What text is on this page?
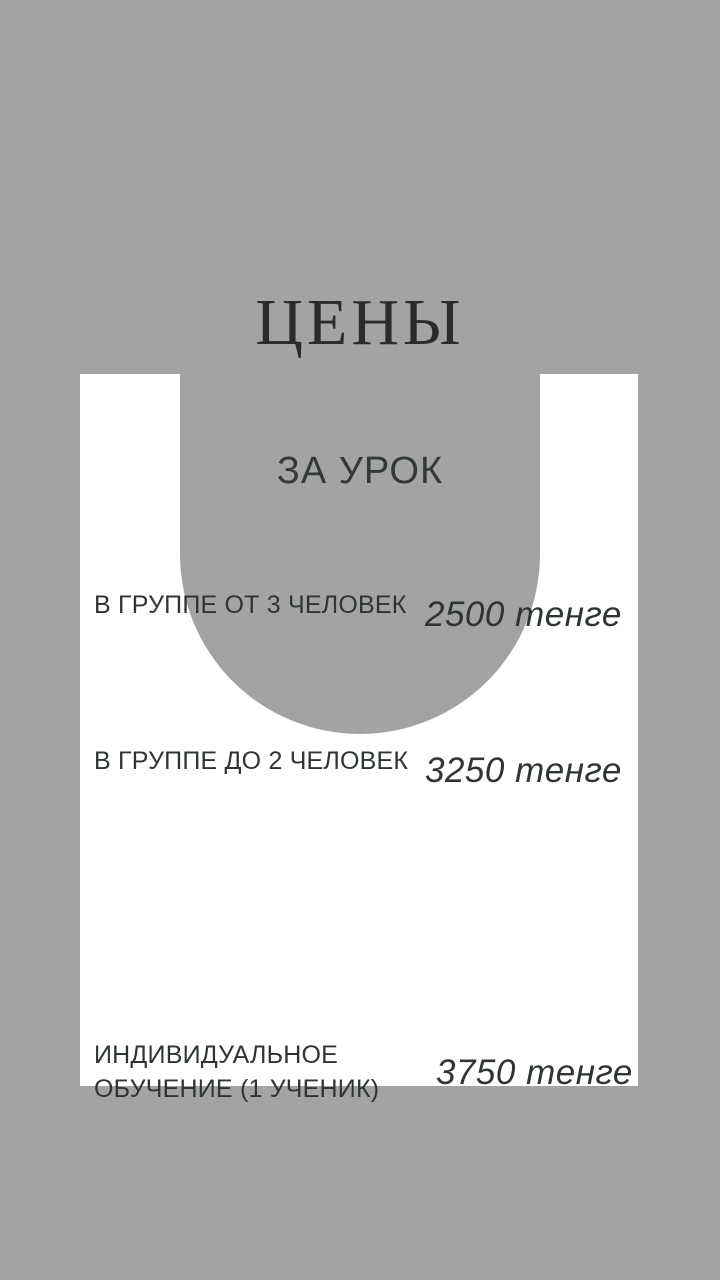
ЦЕНЫ
ЗА УРОК
В ГРУППЕ ОТ 3 ЧЕЛОВЕК 2500 тенге
В ГРУППЕ ДО 2 ЧЕЛОВЕК 3250 тенге
ИНДИВИДУАЛЬНОЕ ОБУЧЕНИЕ (1 УЧЕНИК)	3750 тенге
